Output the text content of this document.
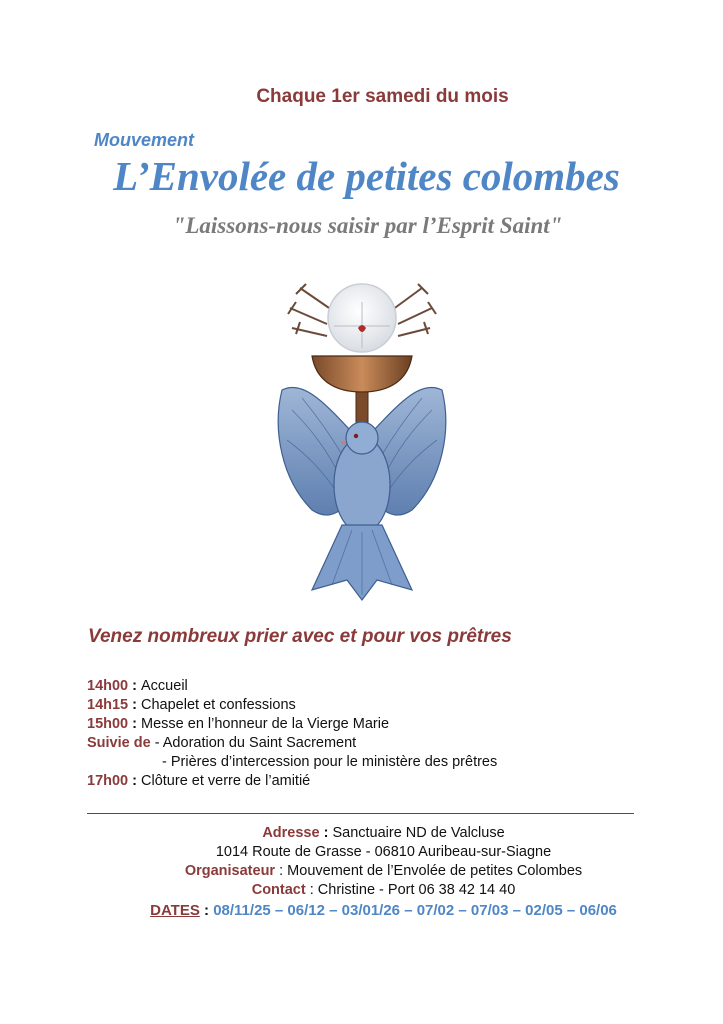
Chaque 1er samedi du mois
Mouvement
L’Envolée de petites colombes
"Laissons-nous saisir par l’Esprit Saint"
Venez nombreux prier avec et pour vos prêtres
14h00 : Accueil
14h15 : Chapelet et confessions
15h00 : Messe en l’honneur de la Vierge Marie
Suivie de - Adoration du Saint Sacrement
- Prières d’intercession pour le ministère des prêtres
17h00 : Clôture et verre de l’amitié
Adresse : Sanctuaire ND de Valcluse
1014 Route de Grasse - 06810 Auribeau-sur-Siagne
Organisateur : Mouvement de l’Envolée de petites Colombes
Contact : Christine - Port 06 38 42 14 40
DATES : 08/11/25 – 06/12 – 03/01/26 – 07/02 – 07/03 – 02/05 – 06/06
